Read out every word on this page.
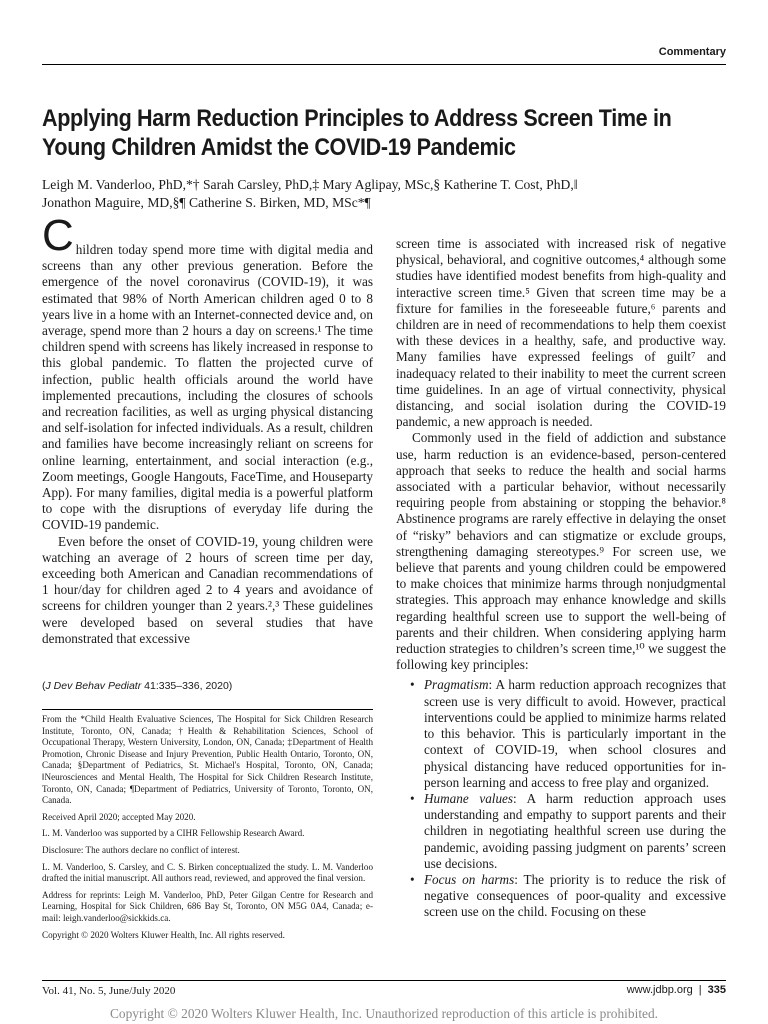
Commentary
Applying Harm Reduction Principles to Address Screen Time in
Young Children Amidst the COVID-19 Pandemic
Leigh M. Vanderloo, PhD,*† Sarah Carsley, PhD,‡ Mary Aglipay, MSc,§ Katherine T. Cost, PhD,‖
Jonathon Maguire, MD,§¶ Catherine S. Birken, MD, MSc*¶
C hildren today spend more time with digital media and screens than any other previous generation. Before the emergence of the novel coronavirus (COVID-19), it was estimated that 98% of North American children aged 0 to 8 years live in a home with an Internet-connected device and, on average, spend more than 2 hours a day on screens.¹ The time children spend with screens has likely increased in response to this global pandemic. To flatten the projected curve of infection, public health officials around the world have implemented precautions, including the closures of schools and recreation facilities, as well as urging physical distancing and self-isolation for infected individuals. As a result, children and families have become increasingly reliant on screens for online learning, entertainment, and social interaction (e.g., Zoom meetings, Google Hangouts, FaceTime, and Houseparty App). For many families, digital media is a powerful platform to cope with the disruptions of everyday life during the COVID-19 pandemic.

Even before the onset of COVID-19, young children were watching an average of 2 hours of screen time per day, exceeding both American and Canadian recommendations of 1 hour/day for children aged 2 to 4 years and avoidance of screens for children younger than 2 years.²,³ These guidelines were developed based on several studies that have demonstrated that excessive

(J Dev Behav Pediatr 41:335–336, 2020)

From the *Child Health Evaluative Sciences, The Hospital for Sick Children Research Institute, Toronto, ON, Canada; †Health & Rehabilitation Sciences, School of Occupational Therapy, Western University, London, ON, Canada; ‡Department of Health Promotion, Chronic Disease and Injury Prevention, Public Health Ontario, Toronto, ON, Canada; §Department of Pediatrics, St. Michael's Hospital, Toronto, ON, Canada; ‖Neurosciences and Mental Health, The Hospital for Sick Children Research Institute, Toronto, ON, Canada; ¶Department of Pediatrics, University of Toronto, Toronto, ON, Canada.

Received April 2020; accepted May 2020.

L. M. Vanderloo was supported by a CIHR Fellowship Research Award.

Disclosure: The authors declare no conflict of interest.

L. M. Vanderloo, S. Carsley, and C. S. Birken conceptualized the study. L. M. Vanderloo drafted the initial manuscript. All authors read, reviewed, and approved the final version.

Address for reprints: Leigh M. Vanderloo, PhD, Peter Gilgan Centre for Research and Learning, Hospital for Sick Children, 686 Bay St, Toronto, ON M5G 0A4, Canada; e-mail: leigh.vanderloo@sickkids.ca.

Copyright © 2020 Wolters Kluwer Health, Inc. All rights reserved.

screen time is associated with increased risk of negative physical, behavioral, and cognitive outcomes,⁴ although some studies have identified modest benefits from high-quality and interactive screen time.⁵ Given that screen time may be a fixture for families in the foreseeable future,⁶ parents and children are in need of recommendations to help them coexist with these devices in a healthy, safe, and productive way. Many families have expressed feelings of guilt⁷ and inadequacy related to their inability to meet the current screen time guidelines. In an age of virtual connectivity, physical distancing, and social isolation during the COVID-19 pandemic, a new approach is needed.

Commonly used in the field of addiction and substance use, harm reduction is an evidence-based, person-centered approach that seeks to reduce the health and social harms associated with a particular behavior, without necessarily requiring people from abstaining or stopping the behavior.⁸ Abstinence programs are rarely effective in delaying the onset of “risky” behaviors and can stigmatize or exclude groups, strengthening damaging stereotypes.⁹ For screen use, we believe that parents and young children could be empowered to make choices that minimize harms through nonjudgmental strategies. This approach may enhance knowledge and skills regarding healthful screen use to support the well-being of parents and their children. When considering applying harm reduction strategies to children’s screen time,¹⁰ we suggest the following key principles:

• Pragmatism: A harm reduction approach recognizes that screen use is very difficult to avoid. However, practical interventions could be applied to minimize harms related to this behavior. This is particularly important in the context of COVID-19, when school closures and physical distancing have reduced opportunities for in-person learning and access to free play and organized.
• Humane values: A harm reduction approach uses understanding and empathy to support parents and their children in negotiating healthful screen use during the pandemic, avoiding passing judgment on parents’ screen use decisions.
• Focus on harms: The priority is to reduce the risk of negative consequences of poor-quality and excessive screen use on the child. Focusing on these
Vol. 41, No. 5, June/July 2020	www.jdbp.org | 335
Copyright © 2020 Wolters Kluwer Health, Inc. Unauthorized reproduction of this article is prohibited.
